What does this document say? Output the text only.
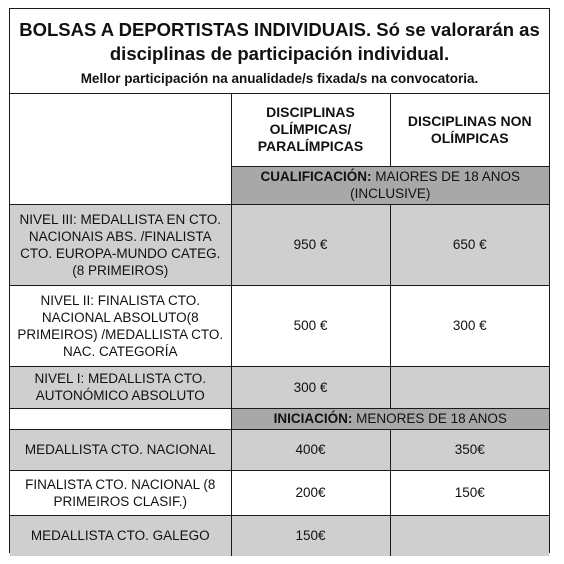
BOLSAS A DEPORTISTAS INDIVIDUAIS. Só se valorarán as disciplinas de participación individual.
Mellor participación na anualidade/s fixada/s na convocatoria.
	DISCIPLINAS OLÍMPICAS/ PARALÍMPICAS	DISCIPLINAS NON OLÍMPICAS
	CUALIFICACIÓN: MAIORES DE 18 ANOS (INCLUSIVE)	
NIVEL III: MEDALLISTA EN CTO. NACIONAIS ABS. /FINALISTA CTO. EUROPA-MUNDO CATEG. (8 PRIMEIROS)	950 €	650 €
NIVEL II: FINALISTA CTO. NACIONAL ABSOLUTO(8 PRIMEIROS) /MEDALLISTA CTO. NAC. CATEGORÍA	500 €	300 €
NIVEL I: MEDALLISTA CTO. AUTONÓMICO ABSOLUTO	300 €	
	INICIACIÓN: MENORES DE 18 ANOS	
MEDALLISTA CTO. NACIONAL	400€	350€
FINALISTA CTO. NACIONAL (8 PRIMEIROS CLASIF.)	200€	150€
MEDALLISTA CTO. GALEGO	150€	
